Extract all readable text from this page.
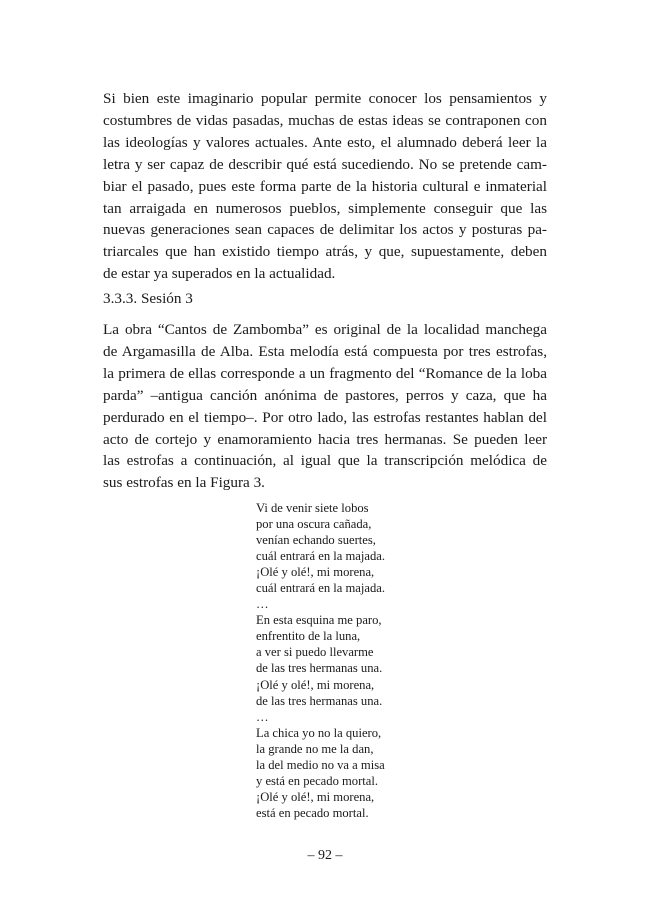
Si bien este imaginario popular permite conocer los pensamientos y
costumbres de vidas pasadas, muchas de estas ideas se contraponen con
las ideologías y valores actuales. Ante esto, el alumnado deberá leer la
letra y ser capaz de describir qué está sucediendo. No se pretende cam-
biar el pasado, pues este forma parte de la historia cultural e inmaterial
tan arraigada en numerosos pueblos, simplemente conseguir que las
nuevas generaciones sean capaces de delimitar los actos y posturas pa-
triarcales que han existido tiempo atrás, y que, supuestamente, deben
de estar ya superados en la actualidad.

3.3.3. Sesión 3

La obra “Cantos de Zambomba” es original de la localidad manchega
de Argamasilla de Alba. Esta melodía está compuesta por tres estrofas,
la primera de ellas corresponde a un fragmento del “Romance de la loba
parda” –antigua canción anónima de pastores, perros y caza, que ha
perdurado en el tiempo–. Por otro lado, las estrofas restantes hablan del
acto de cortejo y enamoramiento hacia tres hermanas. Se pueden leer
las estrofas a continuación, al igual que la transcripción melódica de
sus estrofas en la Figura 3.

Vi de venir siete lobos
por una oscura cañada,
venían echando suertes,
cuál entrará en la majada.
¡Olé y olé!, mi morena,
cuál entrará en la majada.
…
En esta esquina me paro,
enfrentito de la luna,
a ver si puedo llevarme
de las tres hermanas una.
¡Olé y olé!, mi morena,
de las tres hermanas una.
…
La chica yo no la quiero,
la grande no me la dan,
la del medio no va a misa
y está en pecado mortal.
¡Olé y olé!, mi morena,
está en pecado mortal.
– 92 –
